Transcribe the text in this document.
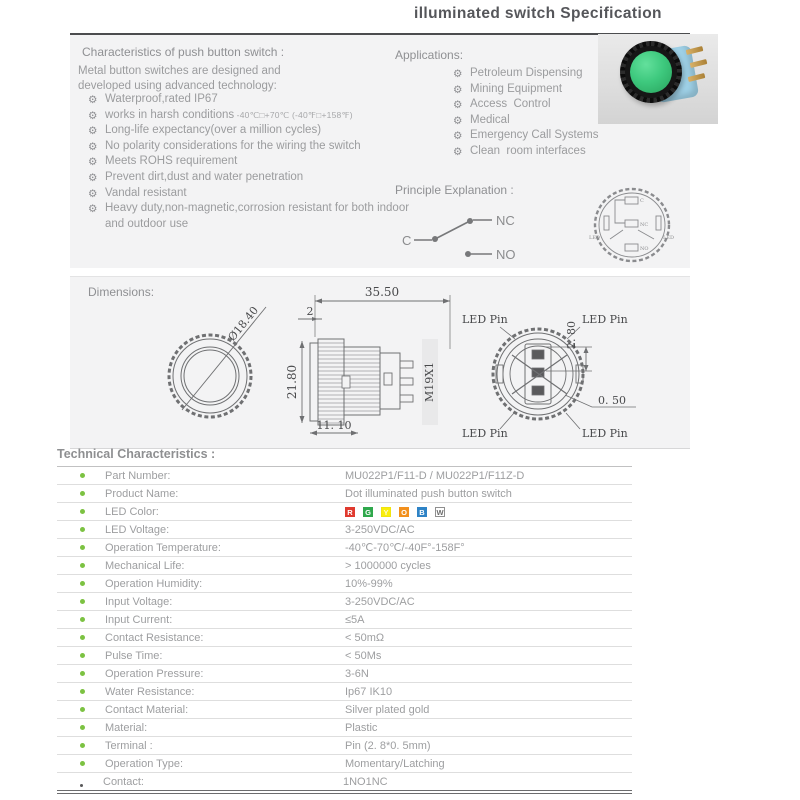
illuminated switch Specification
Characteristics of push button switch :

Metal button switches are designed and
developed using advanced technology:

⚙ Waterproof,rated IP67
⚙ works in harsh conditions -40℃□+70℃ (-40℉□+158℉)
⚙ Long-life expectancy(over a million cycles)
⚙ No polarity considerations for the wiring the switch
⚙ Meets ROHS requirement
⚙ Prevent dirt,dust and water penetration
⚙ Vandal resistant
⚙ Heavy duty,non-magnetic,corrosion resistant for both indoor and outdoor use
Applications:
⚙ Petroleum Dispensing
⚙ Mining Equipment
⚙ Access  Control
⚙ Medical
⚙ Emergency Call Systems
⚙ Clean  room interfaces
Principle Explanation :
C
NC
NO
C
NC
NO
LED	LED
Dimensions:
Ø18.40
35.50
2
21.80	M19X1
11. 10
LED Pin	LED Pin
LED Pin	LED Pin
2. 80
0. 50
Technical Characteristics :
Part Number:	MU022P1/F11-D / MU022P1/F11Z-D
Product Name:	Dot illuminated push button switch
LED Color:	R	G	Y	O	B	W
LED Voltage:	3-250VDC/AC
Operation Temperature:	-40℃-70℃/-40F°-158F°
Mechanical Life:	> 1000000 cycles
Operation Humidity:	10%-99%
Input Voltage:	3-250VDC/AC
Input Current:	≤5A
Contact Resistance:	< 50mΩ
Pulse Time:	< 50Ms
Operation Pressure:	3-6N
Water Resistance:	Ip67 IK10
Contact Material:	Silver plated gold
Material:	Plastic
Terminal :	Pin (2. 8*0. 5mm)
Operation Type:	Momentary/Latching
Contact:	1NO1NC
